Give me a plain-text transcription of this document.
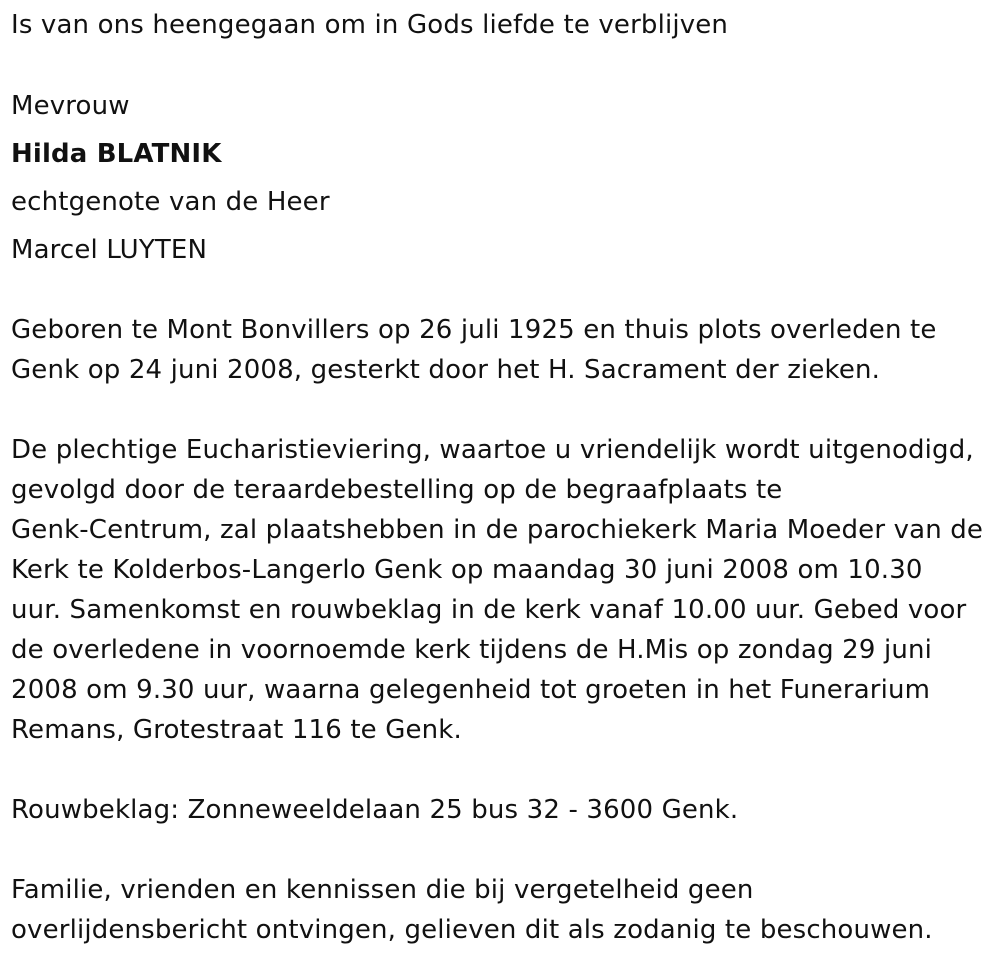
Is van ons heengegaan om in Gods liefde te verblijven
Mevrouw
Hilda BLATNIK
echtgenote van de Heer
Marcel LUYTEN
Geboren te Mont Bonvillers op 26 juli 1925 en thuis plots overleden te
Genk op 24 juni 2008, gesterkt door het H. Sacrament der zieken.
De plechtige Eucharistieviering, waartoe u vriendelijk wordt uitgenodigd,
gevolgd door de teraardebestelling op de begraafplaats te
Genk-Centrum, zal plaatshebben in de parochiekerk Maria Moeder van de
Kerk te Kolderbos-Langerlo Genk op maandag 30 juni 2008 om 10.30
uur. Samenkomst en rouwbeklag in de kerk vanaf 10.00 uur. Gebed voor
de overledene in voornoemde kerk tijdens de H.Mis op zondag 29 juni
2008 om 9.30 uur, waarna gelegenheid tot groeten in het Funerarium
Remans, Grotestraat 116 te Genk.
Rouwbeklag: Zonneweeldelaan 25 bus 32 - 3600 Genk.
Familie, vrienden en kennissen die bij vergetelheid geen
overlijdensbericht ontvingen, gelieven dit als zodanig te beschouwen.
